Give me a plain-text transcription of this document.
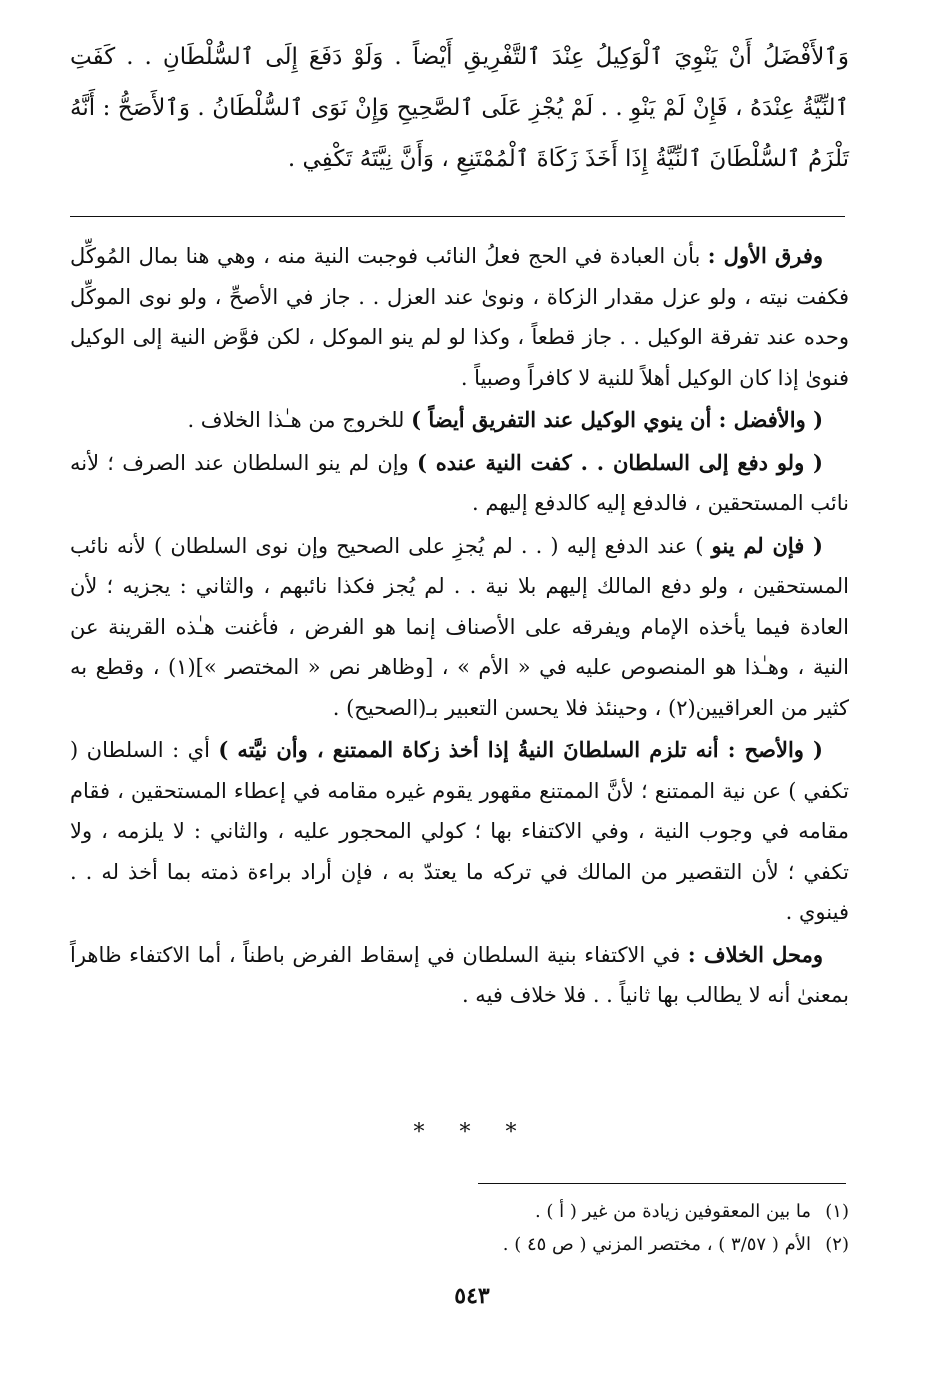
وَٱلأَفْضَلُ أَنْ يَنْوِيَ ٱلْوَكِيلُ عِنْدَ ٱلتَّفْرِيقِ أَيْضاً . وَلَوْ دَفَعَ إِلَى ٱلسُّلْطَانِ . . كَفَتِ ٱلنِّيَّةُ عِنْدَهُ ، فَإِنْ لَمْ يَنْوِ . . لَمْ يُجْزِ عَلَى ٱلصَّحِيحِ وَإِنْ نَوَى ٱلسُّلْطَانُ . وَٱلأَصَحُّ : أَنَّهُ تَلْزَمُ ٱلسُّلْطَانَ ٱلنِّيَّةُ إِذَا أَخَذَ زَكَاةَ ٱلْمُمْتَنِعِ ، وَأَنَّ نِيَّتَهُ تَكْفِي .

وفرق الأول : بأن العبادة في الحج فعلُ النائب فوجبت النية منه ، وهي هنا بمال المُوكِّل فكفت نيته ، ولو عزل مقدار الزكاة ، ونوىٰ عند العزل . . جاز في الأصحِّ ، ولو نوى الموكِّل وحده عند تفرقة الوكيل . . جاز قطعاً ، وكذا لو لم ينو الموكل ، لكن فوَّض النية إلى الوكيل فنوىٰ إذا كان الوكيل أهلاً للنية لا كافراً وصبياً .

( والأفضل : أن ينوي الوكيل عند التفريق أيضاً ) للخروج من هـٰذا الخلاف .

( ولو دفع إلى السلطان . . كفت النية عنده ) وإن لم ينو السلطان عند الصرف ؛ لأنه نائب المستحقين ، فالدفع إليه كالدفع إليهم .

( فإن لم ينو ) عند الدفع إليه ( . . لم يُجزِ على الصحيح وإن نوى السلطان ) لأنه نائب المستحقين ، ولو دفع المالك إليهم بلا نية . . لم يُجز فكذا نائبهم ، والثاني : يجزيه ؛ لأن العادة فيما يأخذه الإمام ويفرقه على الأصناف إنما هو الفرض ، فأغنت هـٰذه القرينة عن النية ، وهـٰذا هو المنصوص عليه في « الأم » ، [وظاهر نص « المختصر »](١) ، وقطع به كثير من العراقيين(٢) ، وحينئذ فلا يحسن التعبير بـ(الصحيح) .

( والأصح : أنه تلزم السلطانَ النيةُ إذا أخذ زكاة الممتنع ، وأن نيَّته ) أي : السلطان ( تكفي ) عن نية الممتنع ؛ لأنَّ الممتنع مقهور يقوم غيره مقامه في إعطاء المستحقين ، فقام مقامه في وجوب النية ، وفي الاكتفاء بها ؛ كولي المحجور عليه ، والثاني : لا يلزمه ، ولا تكفي ؛ لأن التقصير من المالك في تركه ما يعتدّ به ، فإن أراد براءة ذمته بما أخذ له . . فينوي .

ومحل الخلاف : في الاكتفاء بنية السلطان في إسقاط الفرض باطناً ، أما الاكتفاء ظاهراً بمعنىٰ أنه لا يطالب بها ثانياً . . فلا خلاف فيه .

* * *

(١)ما بين المعقوفين زيادة من غير ( أ ) .

(٢)الأم ( ٣/٥٧ ) ، مختصر المزني ( ص ٤٥ ) .

٥٤٣
